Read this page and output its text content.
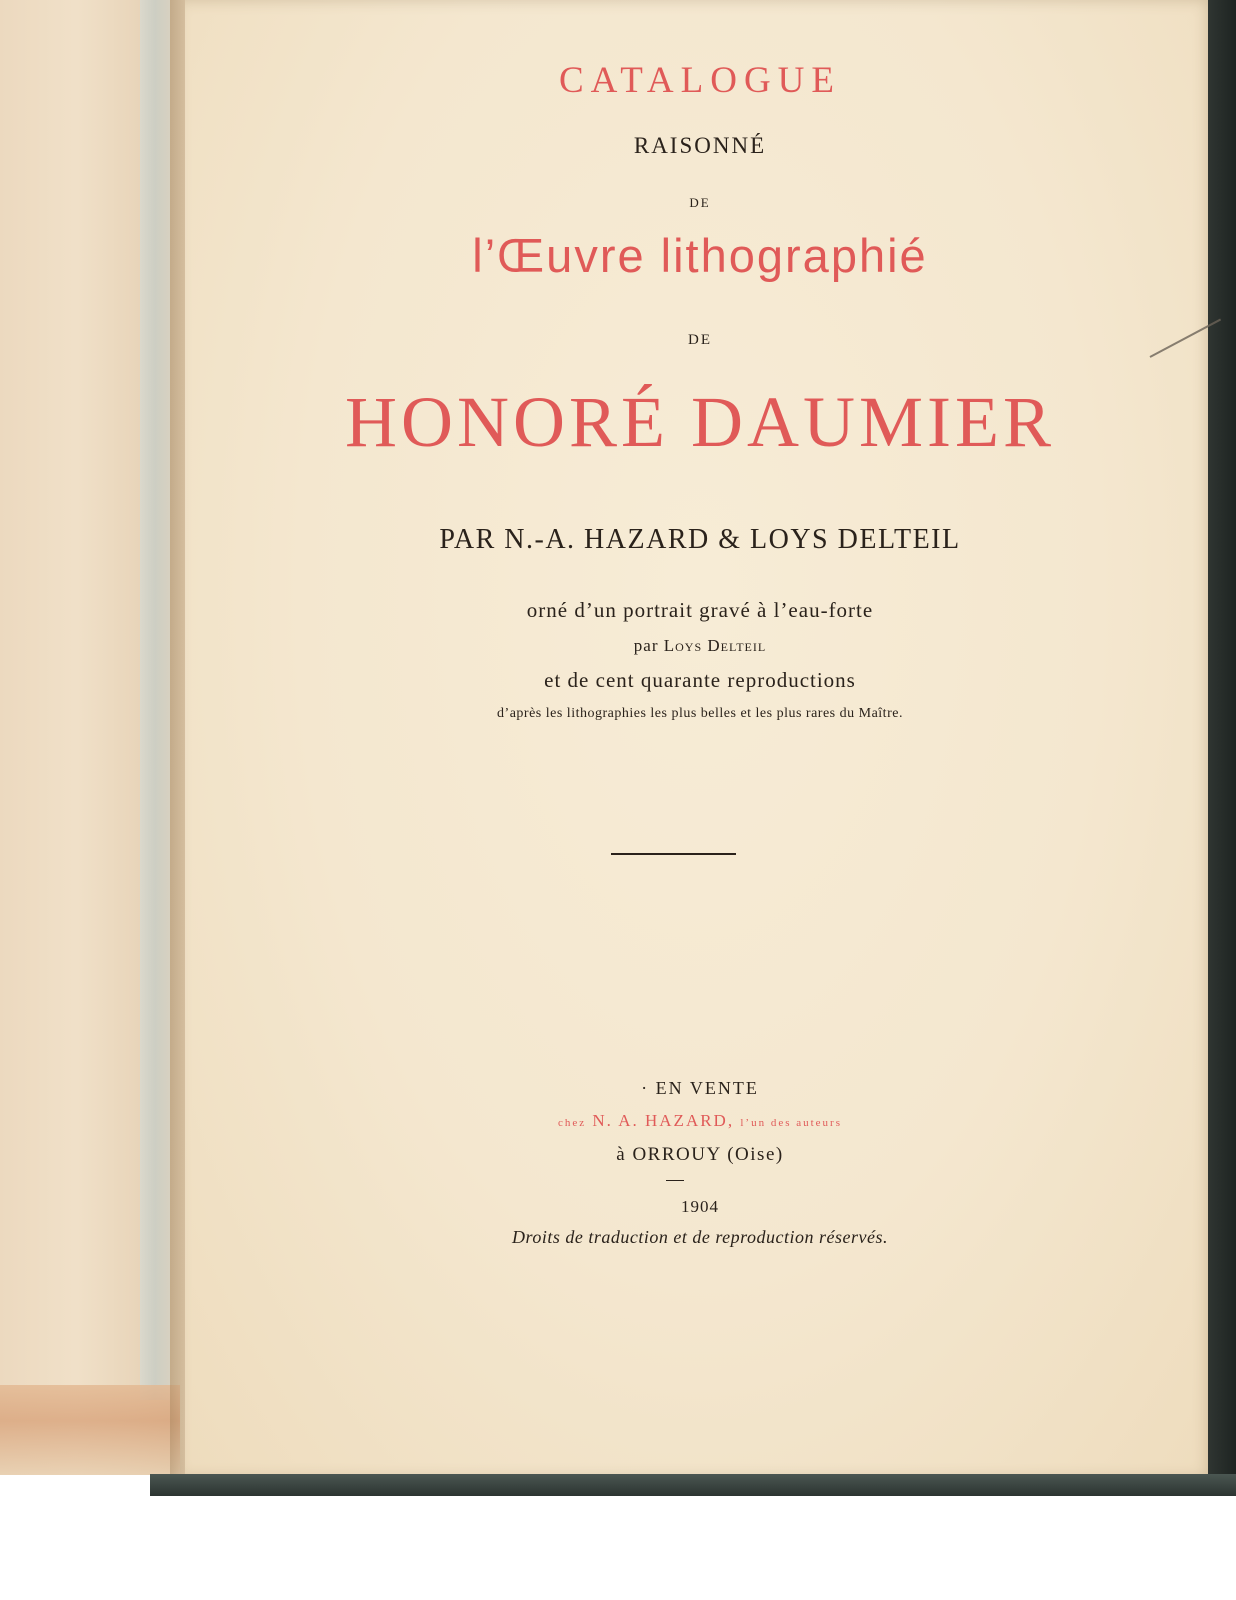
CATALOGUE

RAISONNÉ

DE

l’Œuvre lithographié

DE

HONORÉ DAUMIER

PAR N.-A. HAZARD & LOYS DELTEIL

orné d’un portrait gravé à l’eau-forte

par Loys Delteil

et de cent quarante reproductions

d’après les lithographies les plus belles et les plus rares du Maître.

· EN VENTE

chez N. A. HAZARD, l’un des auteurs

à ORROUY (Oise)

1904

Droits de traduction et de reproduction réservés.
